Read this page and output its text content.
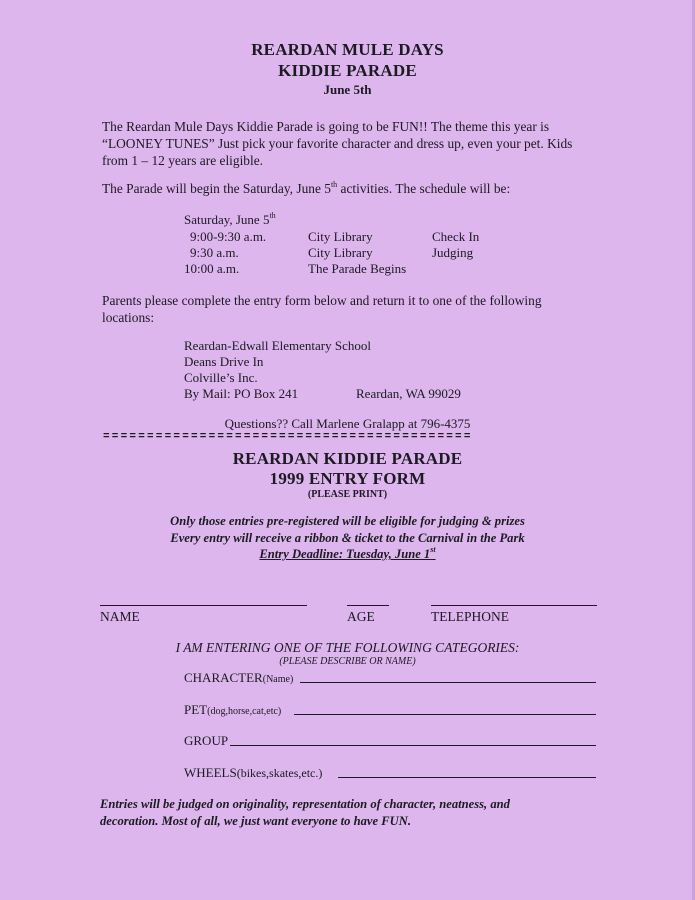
REARDAN MULE DAYS
KIDDIE PARADE
June 5th
The Reardan Mule Days Kiddie Parade is going to be FUN!! The theme this year is
“LOONEY TUNES” Just pick your favorite character and dress up, even your pet. Kids
from 1 – 12 years are eligible.
The Parade will begin the Saturday, June 5th activities. The schedule will be:
Saturday, June 5th
9:00-9:30 a.m.	City Library	Check In
9:30 a.m.	City Library	Judging
10:00 a.m.	The Parade Begins
Parents please complete the entry form below and return it to one of the following
locations:
Reardan-Edwall Elementary School
Deans Drive In
Colville’s Inc.
By Mail: PO Box 241	Reardan, WA 99029
Questions?? Call Marlene Gralapp at 796-4375
==========================================
REARDAN KIDDIE PARADE
1999 ENTRY FORM
(PLEASE PRINT)
Only those entries pre-registered will be eligible for judging & prizes
Every entry will receive a ribbon & ticket to the Carnival in the Park
Entry Deadline: Tuesday, June 1st
NAME	AGE	TELEPHONE
I AM ENTERING ONE OF THE FOLLOWING CATEGORIES:
(PLEASE DESCRIBE OR NAME)
CHARACTER(Name)
PET(dog,horse,cat,etc)
GROUP
WHEELS(bikes,skates,etc.)
Entries will be judged on originality, representation of character, neatness, and
decoration. Most of all, we just want everyone to have FUN.
